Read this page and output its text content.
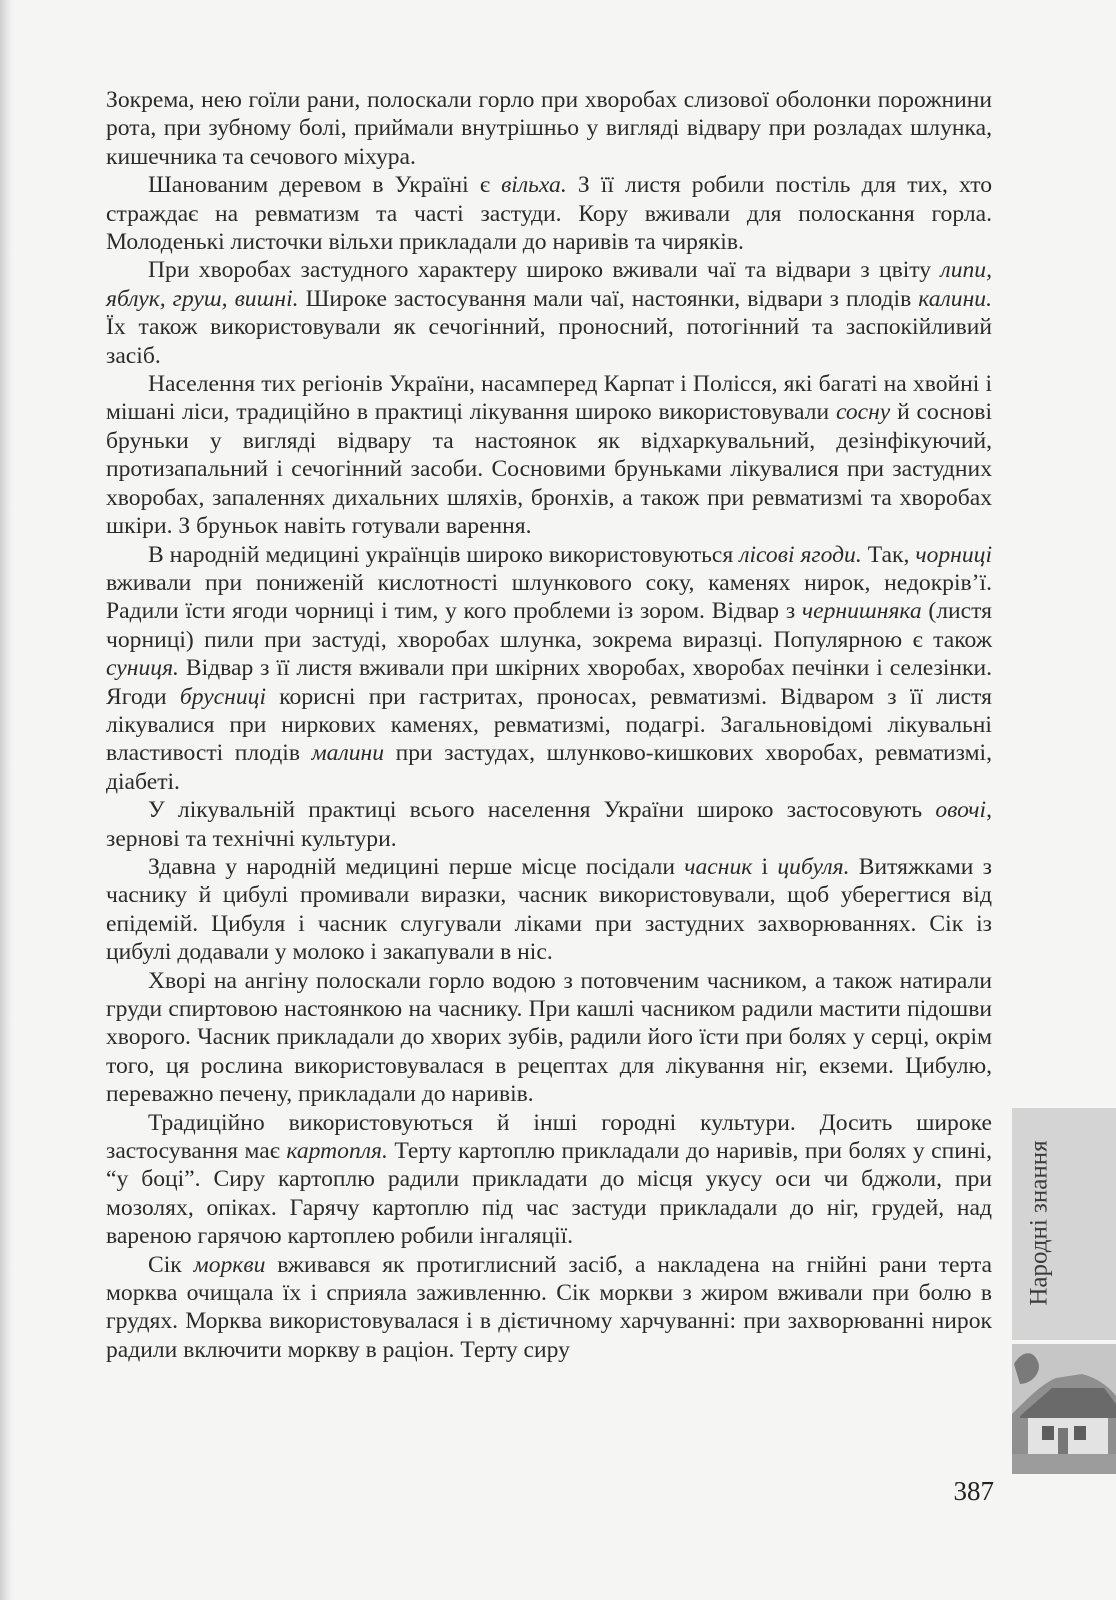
Зокрема, нею гоїли рани, полоскали горло при хворобах слизової оболонки порожнини рота, при зубному болі, приймали внутрішньо у вигляді відвару при розладах шлунка, кишечника та сечового міхура.

Шанованим деревом в Україні є вільха. З її листя робили постіль для тих, хто страждає на ревматизм та часті застуди. Кору вживали для полоскання горла. Молоденькі листочки вільхи прикладали до наривів та чиряків.

При хворобах застудного характеру широко вживали чаї та відвари з цвіту липи, яблук, груш, вишні. Широке застосування мали чаї, настоянки, відвари з плодів калини. Їх також використовували як сечогінний, проносний, потогінний та заспокійливий засіб.

Населення тих регіонів України, насамперед Карпат і Полісся, які багаті на хвойні і мішані ліси, традиційно в практиці лікування широко використовували сосну й соснові бруньки у вигляді відвару та настоянок як відхаркувальний, дезінфікуючий, протизапальний і сечогінний засоби. Сосновими бруньками лікувалися при застудних хворобах, запаленнях дихальних шляхів, бронхів, а також при ревматизмі та хворобах шкіри. З бруньок навіть готували варення.

В народній медицині українців широко використовуються лісові ягоди. Так, чорниці вживали при пониженій кислотності шлункового соку, каменях нирок, недокрів’ї. Радили їсти ягоди чорниці і тим, у кого проблеми із зором. Відвар з чернишняка (листя чорниці) пили при застуді, хворобах шлунка, зокрема виразці. Популярною є також суниця. Відвар з її листя вживали при шкірних хворобах, хворобах печінки і селезінки. Ягоди брусниці корисні при гастритах, проносах, ревматизмі. Відваром з її листя лікувалися при ниркових каменях, ревматизмі, подагрі. Загальновідомі лікувальні властивості плодів малини при застудах, шлунково-кишкових хворобах, ревматизмі, діабеті.

У лікувальній практиці всього населення України широко застосовують овочі, зернові та технічні культури.

Здавна у народній медицині перше місце посідали часник і цибуля. Витяжками з часнику й цибулі промивали виразки, часник використовували, щоб уберегтися від епідемій. Цибуля і часник слугували ліками при застудних захворюваннях. Сік із цибулі додавали у молоко і закапували в ніс.

Хворі на ангіну полоскали горло водою з потовченим часником, а також натирали груди спиртовою настоянкою на часнику. При кашлі часником радили мастити підошви хворого. Часник прикладали до хворих зубів, радили його їсти при болях у серці, окрім того, ця рослина використовувалася в рецептах для лікування ніг, екземи. Цибулю, переважно печену, прикладали до наривів.

Традиційно використовуються й інші городні культури. Досить широке застосування має картопля. Терту картоплю прикладали до наривів, при болях у спині, “у боці”. Сиру картоплю радили прикладати до місця укусу оси чи бджоли, при мозолях, опіках. Гарячу картоплю під час застуди прикладали до ніг, грудей, над вареною гарячою картоплею робили інгаляції.

Сік моркви вживався як протиглисний засіб, а накладена на гнійні рани терта морква очищала їх і сприяла заживленню. Сік моркви з жиром вживали при болю в грудях. Морква використовувалася і в дієтичному харчуванні: при захворюванні нирок радили включити моркву в раціон. Терту сиру

Народні знання
387
